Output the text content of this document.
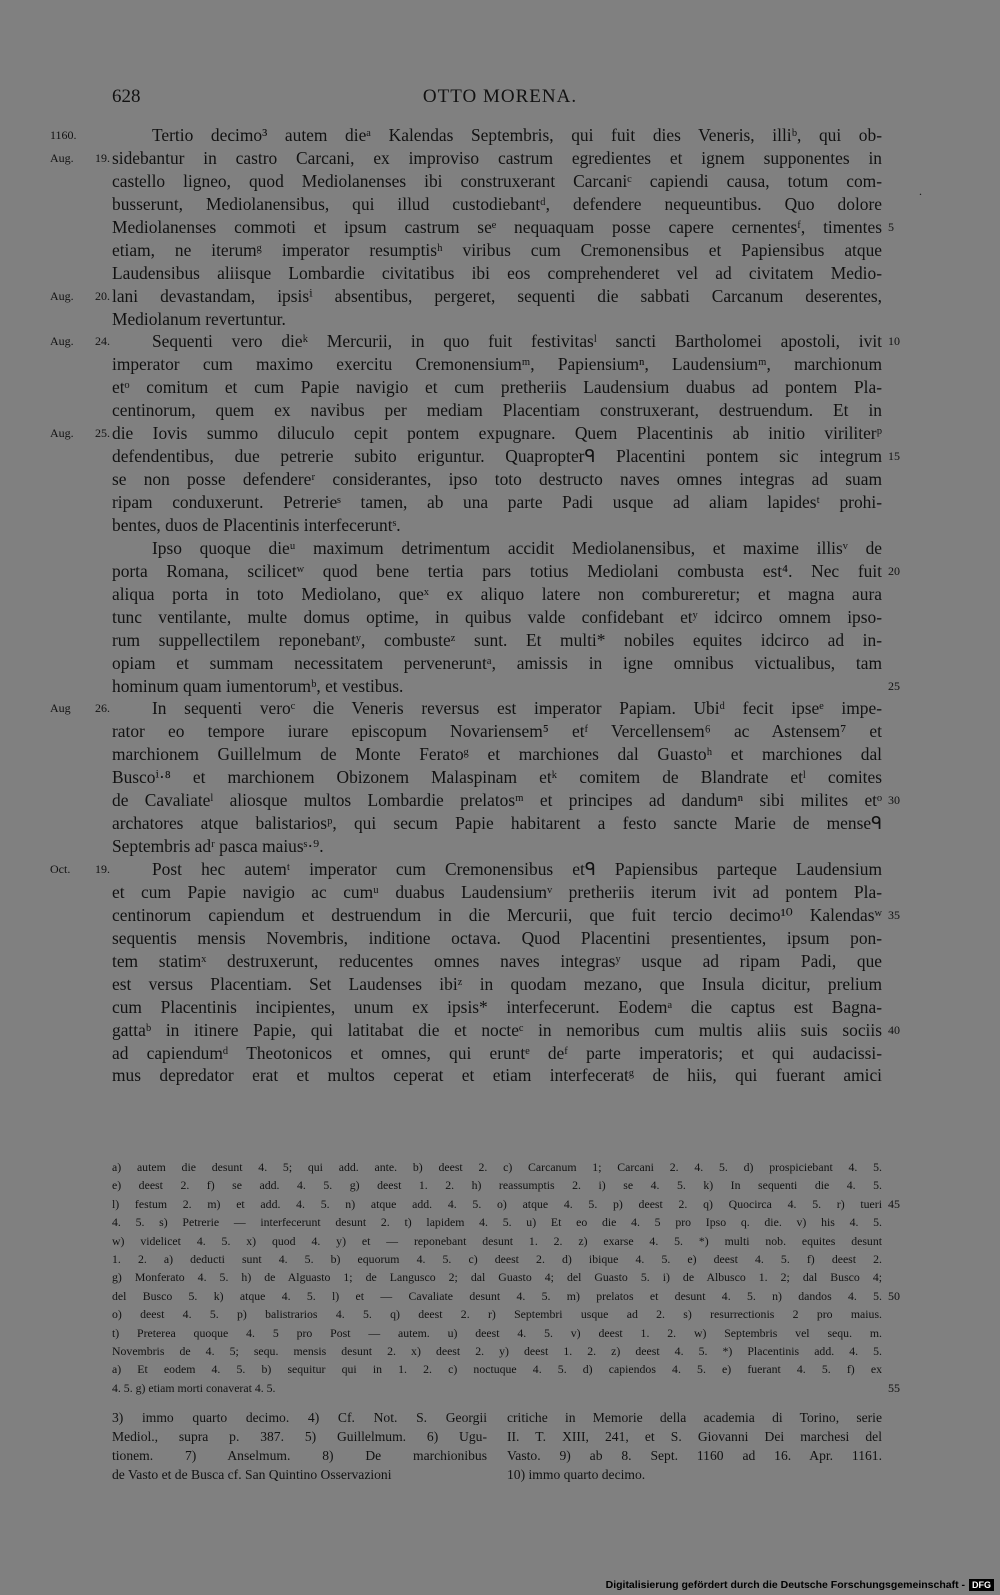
628	OTTO MORENA.
.
Tertio decimo³ autem dieᵃ Kalendas Septembris, qui fuit dies Veneris, illiᵇ, qui ob-
1160.
sidebantur in castro Carcani, ex improviso castrum egredientes et ignem supponentes in
Aug. 19.
castello ligneo, quod Mediolanenses ibi construxerant Carcaniᶜ capiendi causa, totum com-
busserunt, Mediolanensibus, qui illud custodiebantᵈ, defendere nequeuntibus. Quo dolore
Mediolanenses commoti et ipsum castrum seᵉ nequaquam posse capere cernentesᶠ, timentes 5
etiam, ne iterumᵍ imperator resumptisʰ viribus cum Cremonensibus et Papiensibus atque
Laudensibus aliisque Lombardie civitatibus ibi eos comprehenderet vel ad civitatem Medio-
lani devastandam, ipsisⁱ absentibus, pergeret, sequenti die sabbati Carcanum deserentes,
Aug. 20.
Mediolanum revertuntur.
Sequenti vero dieᵏ Mercurii, in quo fuit festivitasˡ sancti Bartholomei apostoli, ivit
Aug. 24.	10
imperator cum maximo exercitu Cremonensiumᵐ, Papiensiumⁿ, Laudensiumᵐ, marchionum
etᵒ comitum et cum Papie navigio et cum pretheriis Laudensium duabus ad pontem Pla-
centinorum, quem ex navibus per mediam Placentiam construxerant, destruendum. Et in
die Iovis summo diluculo cepit pontem expugnare. Quem Placentinis ab initio viriliterᵖ
Aug. 25.
defendentibus, due petrerie subito eriguntur. Quapropterᑫ Placentini pontem sic integrum 15
se non posse defendereʳ considerantes, ipso toto destructo naves omnes integras ad suam
ripam conduxerunt. Petrerieˢ tamen, ab una parte Padi usque ad aliam lapidesᵗ prohi-
bentes, duos de Placentinis interfeceruntˢ.
Ipso quoque dieᵘ maximum detrimentum accidit Mediolanensibus, et maxime illisᵛ de
porta Romana, scilicetʷ quod bene tertia pars totius Mediolani combusta est⁴. Nec fuit 20
aliqua porta in toto Mediolano, queˣ ex aliquo latere non combureretur; et magna aura
tunc ventilante, multe domus optime, in quibus valde confidebant etʸ idcirco omnem ipso-
rum suppellectilem reponebantʸ, combusteᶻ sunt. Et multi* nobiles equites idcirco ad in-
opiam et summam necessitatem perveneruntᵃ, amissis in igne omnibus victualibus, tam
hominum quam iumentorumᵇ, et vestibus.	25
In sequenti veroᶜ die Veneris reversus est imperator Papiam. Ubiᵈ fecit ipseᵉ impe-
Aug 26.
rator eo tempore iurare episcopum Novariensem⁵ etᶠ Vercellensem⁶ ac Astensem⁷ et
marchionem Guillelmum de Monte Feratoᵍ et marchiones dal Guastoʰ et marchiones dal
Buscoⁱ·⁸ et marchionem Obizonem Malaspinam etᵏ comitem de Blandrate etˡ comites
de Cavaliateˡ aliosque multos Lombardie prelatosᵐ et principes ad dandumⁿ sibi milites etᵒ 30
archatores atque balistariosᵖ, qui secum Papie habitarent a festo sancte Marie de menseᑫ
Septembris adʳ pasca maiusˢ·⁹.
Post hec autemᵗ imperator cum Cremonensibus etᑫ Papiensibus parteque Laudensium
Oct. 19.
et cum Papie navigio ac cumᵘ duabus Laudensiumᵛ pretheriis iterum ivit ad pontem Pla-
centinorum capiendum et destruendum in die Mercurii, que fuit tercio decimo¹⁰ Kalendasʷ 35
sequentis mensis Novembris, inditione octava. Quod Placentini presentientes, ipsum pon-
tem statimˣ destruxerunt, reducentes omnes naves integrasʸ usque ad ripam Padi, que
est versus Placentiam. Set Laudenses ibiᶻ in quodam mezano, que Insula dicitur, prelium
cum Placentinis incipientes, unum ex ipsis* interfecerunt. Eodemᵃ die captus est Bagna-
gattaᵇ in itinere Papie, qui latitabat die et nocteᶜ in nemoribus cum multis aliis suis sociis 40
ad capiendumᵈ Theotonicos et omnes, qui eruntᵉ deᶠ parte imperatoris; et qui audacissi-
mus depredator erat et multos ceperat et etiam interfeceratᵍ de hiis, qui fuerant amici
a) autem die desunt 4. 5; qui add. ante. b) deest 2. c) Carcanum 1; Carcani 2. 4. 5. d) prospiciebant 4. 5.
e) deest 2. f) se add. 4. 5. g) deest 1. 2. h) reassumptis 2. i) se 4. 5. k) In sequenti die 4. 5.
l) festum 2. m) et add. 4. 5. n) atque add. 4. 5. o) atque 4. 5. p) deest 2. q) Quocirca 4. 5. r) tueri 45
4. 5. s) Petrerie — interfecerunt desunt 2. t) lapidem 4. 5. u) Et eo die 4. 5 pro Ipso q. die. v) his 4. 5.
w) videlicet 4. 5. x) quod 4. y) et — reponebant desunt 1. 2. z) exarse 4. 5. *) multi nob. equites desunt
1. 2. a) deducti sunt 4. 5. b) equorum 4. 5. c) deest 2. d) ibique 4. 5. e) deest 4. 5. f) deest 2.
g) Monferato 4. 5. h) de Alguasto 1; de Langusco 2; dal Guasto 4; del Guasto 5. i) de Albusco 1. 2; dal Busco 4;
del Busco 5. k) atque 4. 5. l) et — Cavaliate desunt 4. 5. m) prelatos et desunt 4. 5. n) dandos 4. 5. 50
o) deest 4. 5. p) balistrarios 4. 5. q) deest 2. r) Septembri usque ad 2. s) resurrectionis 2 pro maius.
t) Preterea quoque 4. 5 pro Post — autem. u) deest 4. 5. v) deest 1. 2. w) Septembris vel sequ. m.
Novembris de 4. 5; sequ. mensis desunt 2. x) deest 2. y) deest 1. 2. z) deest 4. 5. *) Placentinis add. 4. 5.
a) Et eodem 4. 5. b) sequitur qui in 1. 2. c) noctuque 4. 5. d) capiendos 4. 5. e) fuerant 4. 5. f) ex
4. 5. g) etiam morti conaverat 4. 5.	55
3) immo quarto decimo. 4) Cf. Not. S. Georgii
Mediol., supra p. 387. 5) Guillelmum. 6) Ugu-
tionem. 7) Anselmum. 8) De marchionibus
de Vasto et de Busca cf. San Quintino Osservazioni
critiche in Memorie della academia di Torino, serie
II. T. XIII, 241, et S. Giovanni Dei marchesi del
Vasto. 9) ab 8. Sept. 1160 ad 16. Apr. 1161.
10) immo quarto decimo.
Digitalisierung gefördert durch die Deutsche Forschungsgemeinschaft - DFG
